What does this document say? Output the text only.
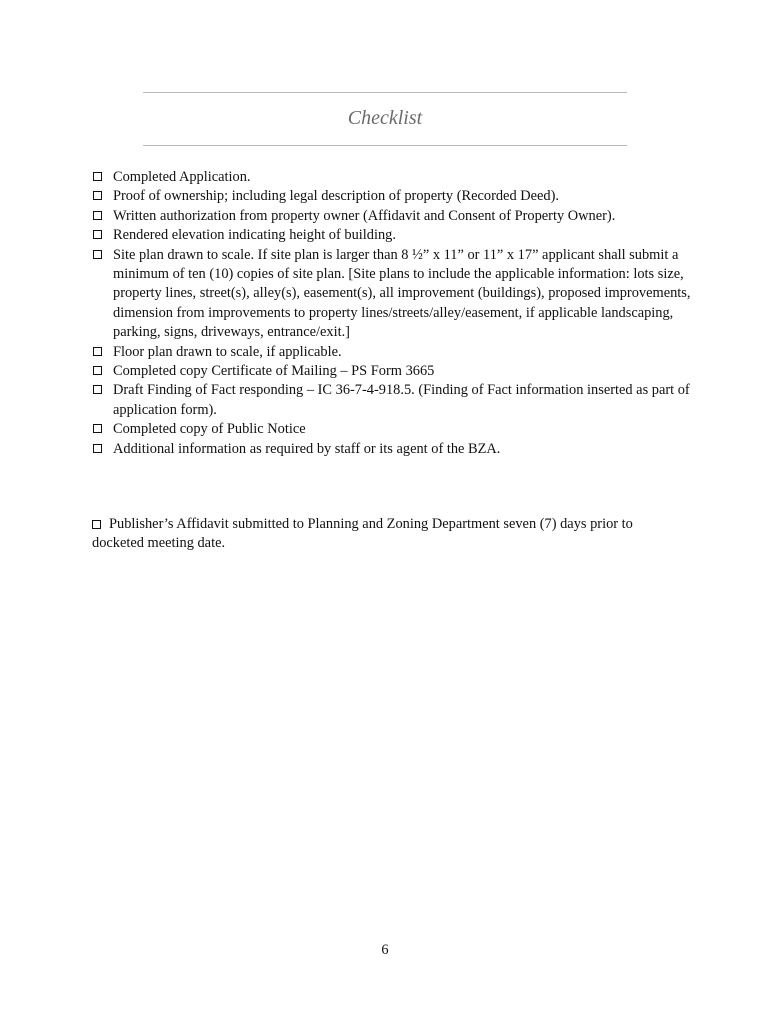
Checklist
Completed Application.
Proof of ownership; including legal description of property (Recorded Deed).
Written authorization from property owner (Affidavit and Consent of Property Owner).
Rendered elevation indicating height of building.
Site plan drawn to scale. If site plan is larger than 8 ½” x 11” or 11” x 17” applicant shall submit a minimum of ten (10) copies of site plan. [Site plans to include the applicable information: lots size, property lines, street(s), alley(s), easement(s), all improvement (buildings), proposed improvements, dimension from improvements to property lines/streets/alley/easement, if applicable landscaping, parking, signs, driveways, entrance/exit.]
Floor plan drawn to scale, if applicable.
Completed copy Certificate of Mailing – PS Form 3665
Draft Finding of Fact responding – IC 36-7-4-918.5. (Finding of Fact information inserted as part of application form).
Completed copy of Public Notice
Additional information as required by staff or its agent of the BZA.
Publisher’s Affidavit submitted to Planning and Zoning Department seven (7) days prior to docketed meeting date.
6
